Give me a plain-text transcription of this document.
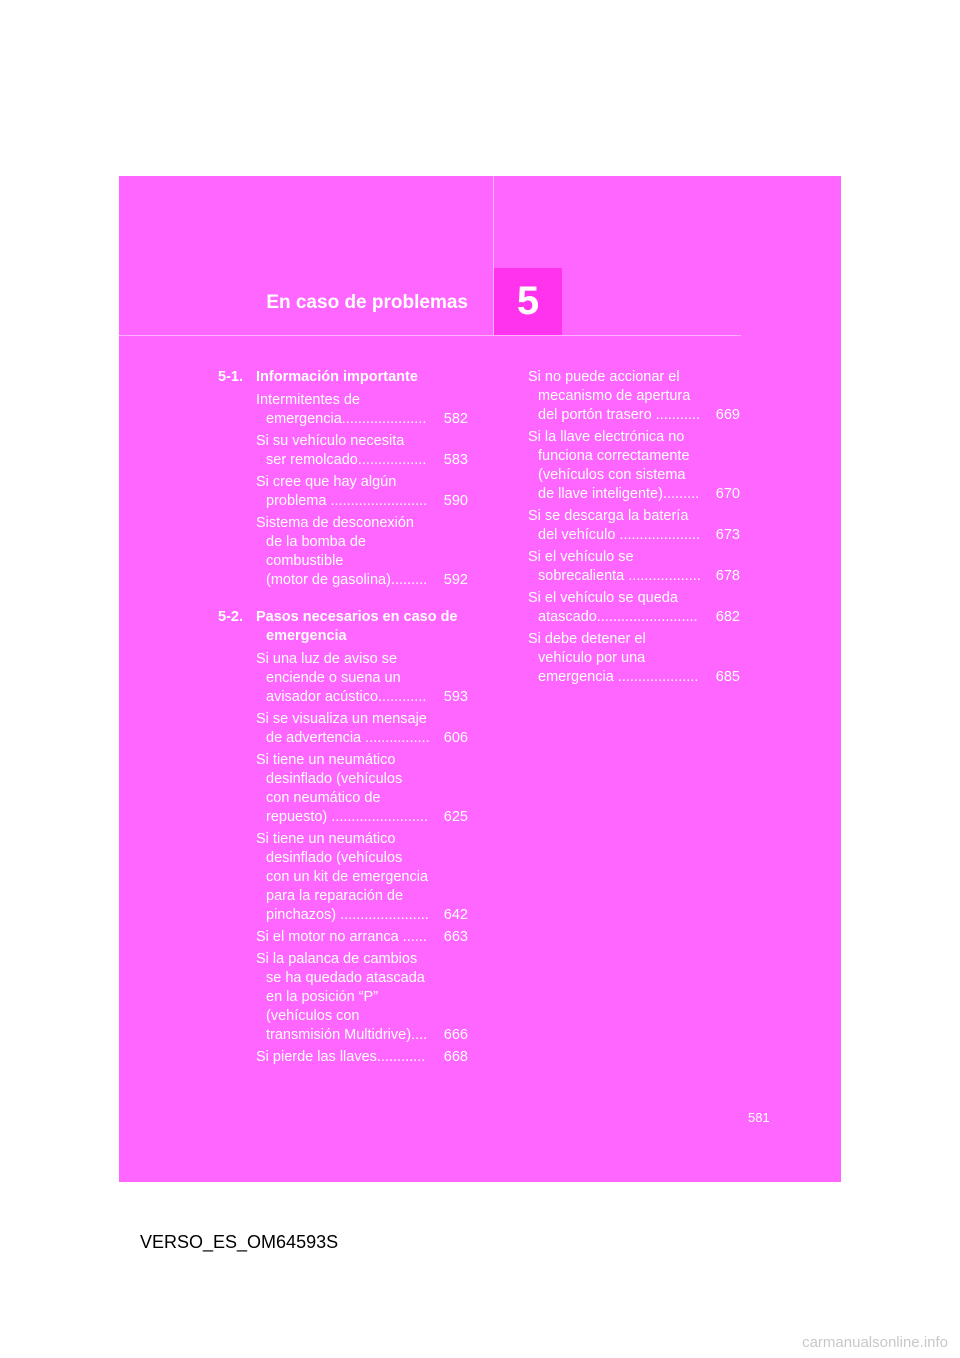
En caso de problemas 5
5-1. Información importante
Intermitentes de
emergencia.....................	582
Si su vehículo necesita
ser remolcado.................	583
Si cree que hay algún
problema ........................	590
Sistema de desconexión
de la bomba de
combustible
(motor de gasolina).........	592
5-2. Pasos necesarios en caso de emergencia
Si una luz de aviso se
enciende o suena un
avisador acústico............	593
Si se visualiza un mensaje
de advertencia ................ 606
Si tiene un neumático
desinflado (vehículos
con neumático de
repuesto) ........................	625
Si tiene un neumático
desinflado (vehículos
con un kit de emergencia
para la reparación de
pinchazos) ......................	642
Si el motor no arranca ......	663
Si la palanca de cambios
se ha quedado atascada
en la posición “P”
(vehículos con
transmisión Multidrive)....	666
Si pierde las llaves............	668
Si no puede accionar el
mecanismo de apertura
del portón trasero ...........	669
Si la llave electrónica no
funciona correctamente
(vehículos con sistema
de llave inteligente).........	670
Si se descarga la batería
del vehículo ....................	673
Si el vehículo se
sobrecalienta ..................	678
Si el vehículo se queda
atascado.........................	682
Si debe detener el
vehículo por una
emergencia ....................	685
581
VERSO_ES_OM64593S
carmanualsonline.info
